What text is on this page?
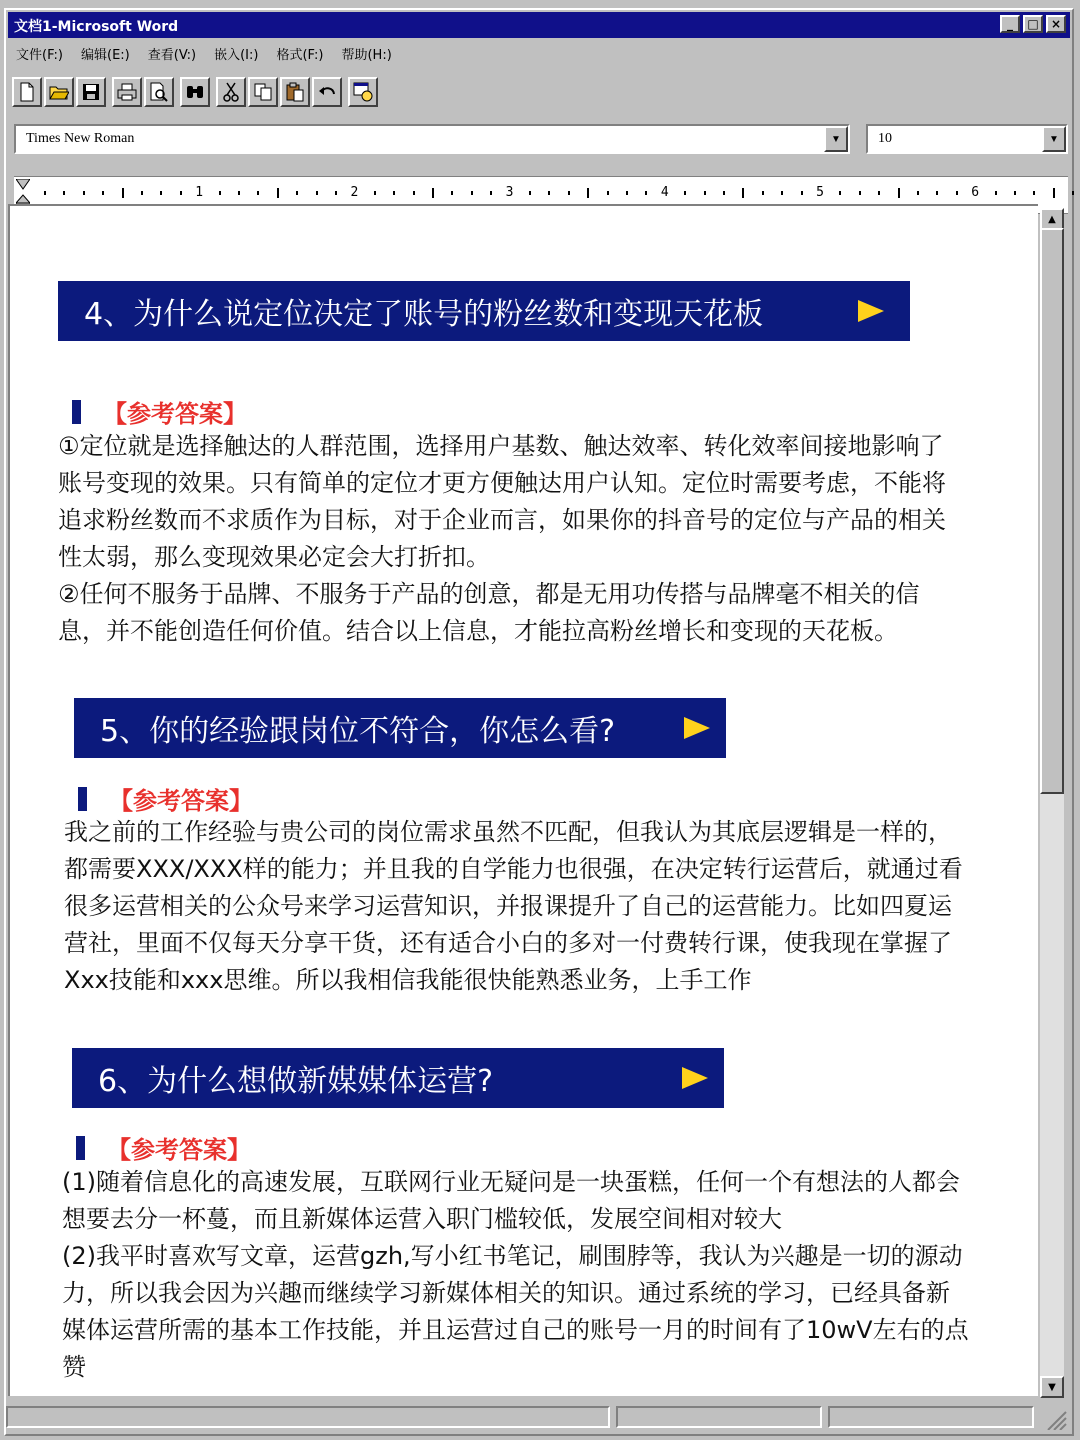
文档1-Microsoft Word	_	□	×
文件(F:) 编辑(E:) 查看(V:) 嵌入(I:) 格式(F:) 帮助(H:)
Times New Roman	▼	10	▼
1	2	3	4	5	6
4、为什么说定位决定了账号的粉丝数和变现天花板
【参考答案】

①定位就是选择触达的人群范围，选择用户基数、触达效率、转化效率间接地影响了

账号变现的效果。只有简单的定位才更方便触达用户认知。定位时需要考虑，不能将

追求粉丝数而不求质作为目标，对于企业而言，如果你的抖音号的定位与产品的相关

性太弱，那么变现效果必定会大打折扣。

②任何不服务于品牌、不服务于产品的创意，都是无用功传搭与品牌毫不相关的信

息，并不能创造任何价值。结合以上信息，才能拉高粉丝增长和变现的天花板。

5、你的经验跟岗位不符合，你怎么看?
【参考答案】

我之前的工作经验与贵公司的岗位需求虽然不匹配，但我认为其底层逻辑是一样的，

都需要XXX/XXX样的能力；并且我的自学能力也很强，在决定转行运营后，就通过看

很多运营相关的公众号来学习运营知识，并报课提升了自己的运营能力。比如四夏运

营社，里面不仅每天分享干货，还有适合小白的多对一付费转行课，使我现在掌握了

Xxx技能和xxx思维。所以我相信我能很快能熟悉业务，上手工作

6、为什么想做新媒媒体运营?
【参考答案】

(1)随着信息化的高速发展，互联网行业无疑问是一块蛋糕，任何一个有想法的人都会

想要去分一杯蔓，而且新媒体运营入职门槛较低，发展空间相对较大

(2)我平时喜欢写文章，运营gzh,写小红书笔记，刷围脖等，我认为兴趣是一切的源动

力，所以我会因为兴趣而继续学习新媒体相关的知识。通过系统的学习，已经具备新

媒体运营所需的基本工作技能，并且运营过自己的账号一月的时间有了10wV左右的点

赞

▲
▼
